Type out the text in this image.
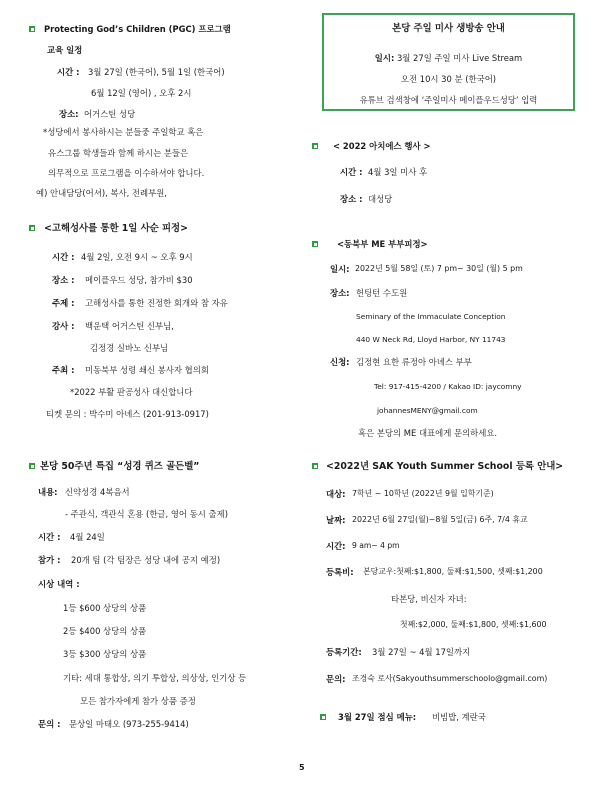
Protecting God’s Children (PGC) 프로그램
교육 일정
시간 : 3월 27일 (한국어), 5월 1일 (한국어)
6월 12일 (영어) , 오후 2시
장소: 어거스틴 성당
*성당에서 봉사하시는 분들중 주일학교 혹은
유스그룹 학생들과 함께 하시는 분들은
의무적으로 프로그램을 이수하셔야 합니다.
예) 안내담당(어셔), 복사, 전례부원,
<고해성사를 통한 1일 사순 피정>
시간 : 4월 2일, 오전 9시 ~ 오후 9시
장소 : 메이플우드 성당, 참가비 $30
주제 : 고해성사를 통한 진정한 회개와 참 자유
강사 : 백운택 어거스틴 신부님,
김정경 실바노 신부님
주최 : 미동북부 성령 쇄신 봉사자 협의회
*2022 부활 판공성사 대신합니다
티켓 문의 : 박수미 아녜스 (201-913-0917)
본당 50주년 특집 “성경 퀴즈 골든벨”
내용: 신약성경 4복음서
- 주관식, 객관식 혼용 (한글, 영어 동시 출제)
시간 : 4월 24일
참가 : 20개 팀 (각 팀장은 성당 내에 공지 예정)
시상 내역 :
1등 $600 상당의 상품
2등 $400 상당의 상품
3등 $300 상당의 상품
기타: 세대 통합상, 의기 투합상, 의상상, 인기상 등
모든 참가자에게 참가 상품 증정
문의 : 문상일 마태오 (973-255-9414)
본당 주일 미사 생방송 안내
일시: 3월 27일 주일 미사 Live Stream
오전 10시 30 분 (한국어)
유튜브 검색창에 ‘주일미사 메이플우드성당’ 입력
< 2022 아치에스 행사 >
시간 : 4월 3일 미사 후
장소 : 대성당
<동북부 ME 부부피정>
일시: 2022년 5월 58일 (토) 7 pm~ 30일 (월) 5 pm
장소: 헌팅턴 수도원
Seminary of the Immaculate Conception
440 W Neck Rd, Lloyd Harbor, NY 11743
신청: 김정현 요한 류정아 아녜스 부부
Tel: 917-415-4200 / Kakao ID: jaycomny
johannesMENY@gmail.com
혹은 본당의 ME 대표에게 문의하세요.
<2022년 SAK Youth Summer School 등록 안내>
대상: 7학년 ~ 10학년 (2022년 9월 입학기준)
날짜: 2022년 6월 27일(월)~8월 5일(금) 6주, 7/4 휴교
시간: 9 am~ 4 pm
등록비: 본당교우:첫째:$1,800, 둘째:$1,500, 셋째:$1,200
타본당, 비신자 자녀:
첫째:$2,000, 둘째:$1,800, 셋째:$1,600
등록기간: 3월 27일 ~ 4월 17일까지
문의: 조경숙 로사(Sakyouthsummerschoolo@gmail.com)
3월 27일 점심 메뉴: 비빔밥, 계란국
5
